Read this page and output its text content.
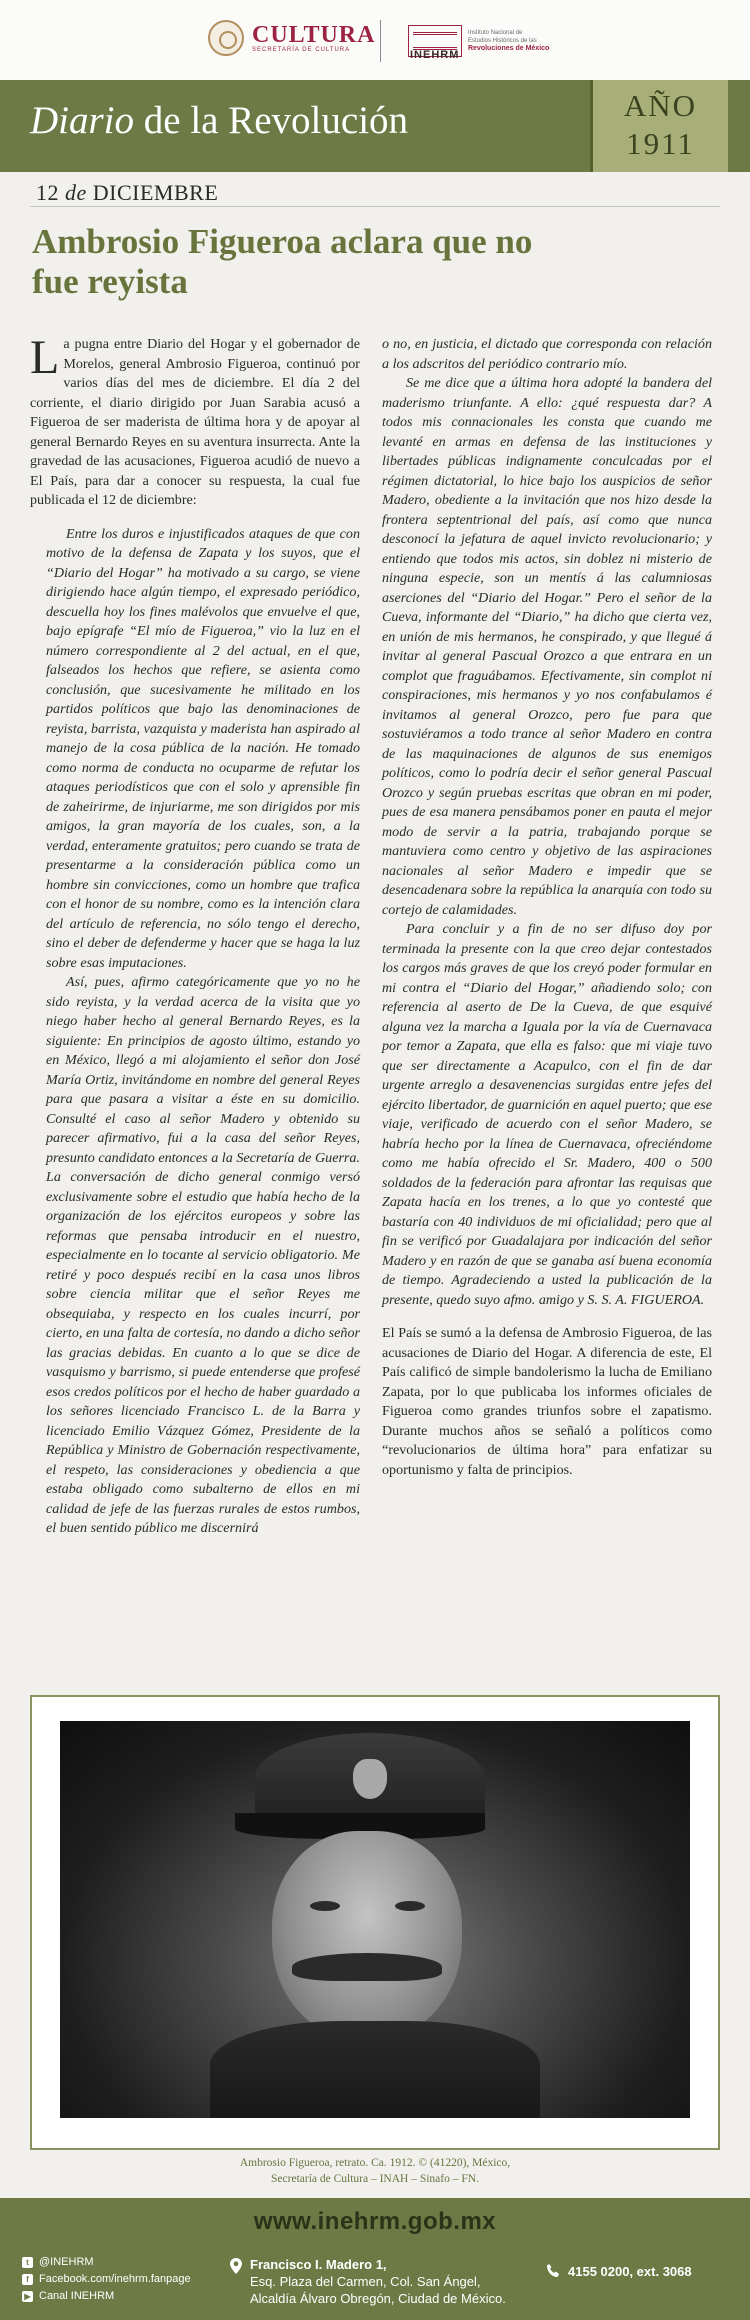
CULTURA
SECRETARÍA DE CULTURA
Instituto Nacional de
Estudios Históricos de las
Revoluciones de México
INEHRM
Diario de la Revolución	AÑO
1911
12 de DICIEMBRE
Ambrosio Figueroa aclara que no fue reyista

La pugna entre Diario del Hogar y el gobernador de Morelos, general Ambrosio Figueroa, continuó por varios días del mes de diciembre. El día 2 del corriente, el diario dirigido por Juan Sarabia acusó a Figueroa de ser maderista de última hora y de apoyar al general Bernardo Reyes en su aventura insurrecta. Ante la gravedad de las acusaciones, Figueroa acudió de nuevo a El País, para dar a conocer su respuesta, la cual fue publicada el 12 de diciembre:

Entre los duros e injustificados ataques de que con motivo de la defensa de Zapata y los suyos, que el “Diario del Hogar” ha motivado a su cargo, se viene dirigiendo hace algún tiempo, el expresado periódico, descuella hoy los fines malévolos que envuelve el que, bajo epígrafe “El mío de Figueroa,” vio la luz en el número correspondiente al 2 del actual, en el que, falseados los hechos que refiere, se asienta como conclusión, que sucesivamente he militado en los partidos políticos que bajo las denominaciones de reyista, barrista, vazquista y maderista han aspirado al manejo de la cosa pública de la nación. He tomado como norma de conducta no ocuparme de refutar los ataques periodísticos que con el solo y aprensible fin de zaheirirme, de injuriarme, me son dirigidos por mis amigos, la gran mayoría de los cuales, son, a la verdad, enteramente gratuitos; pero cuando se trata de presentarme a la consideración pública como un hombre sin convicciones, como un hombre que trafica con el honor de su nombre, como es la intención clara del artículo de referencia, no sólo tengo el derecho, sino el deber de defenderme y hacer que se haga la luz sobre esas imputaciones.

Así, pues, afirmo categóricamente que yo no he sido reyista, y la verdad acerca de la visita que yo niego haber hecho al general Bernardo Reyes, es la siguiente: En principios de agosto último, estando yo en México, llegó a mi alojamiento el señor don José María Ortiz, invitándome en nombre del general Reyes para que pasara a visitar a éste en su domicilio. Consulté el caso al señor Madero y obtenido su parecer afirmativo, fui a la casa del señor Reyes, presunto candidato entonces a la Secretaría de Guerra. La conversación de dicho general conmigo versó exclusivamente sobre el estudio que había hecho de la organización de los ejércitos europeos y sobre las reformas que pensaba introducir en el nuestro, especialmente en lo tocante al servicio obligatorio. Me retiré y poco después recibí en la casa unos libros sobre ciencia militar que el señor Reyes me obsequiaba, y respecto en los cuales incurrí, por cierto, en una falta de cortesía, no dando a dicho señor las gracias debidas. En cuanto a lo que se dice de vasquismo y barrismo, si puede entenderse que profesé esos credos políticos por el hecho de haber guardado a los señores licenciado Francisco L. de la Barra y licenciado Emilio Vázquez Gómez, Presidente de la República y Ministro de Gobernación respectivamente, el respeto, las consideraciones y obediencia a que estaba obligado como subalterno de ellos en mi calidad de jefe de las fuerzas rurales de estos rumbos, el buen sentido público me discernirá

o no, en justicia, el dictado que corresponda con relación a los adscritos del periódico contrario mío.

Se me dice que a última hora adopté la bandera del maderismo triunfante. A ello: ¿qué respuesta dar? A todos mis connacionales les consta que cuando me levanté en armas en defensa de las instituciones y libertades públicas indignamente conculcadas por el régimen dictatorial, lo hice bajo los auspicios de señor Madero, obediente a la invitación que nos hizo desde la frontera septentrional del país, así como que nunca desconocí la jefatura de aquel invicto revolucionario; y entiendo que todos mis actos, sin doblez ni misterio de ninguna especie, son un mentís á las calumniosas aserciones del “Diario del Hogar.” Pero el señor de la Cueva, informante del “Diario,” ha dicho que cierta vez, en unión de mis hermanos, he conspirado, y que llegué á invitar al general Pascual Orozco a que entrara en un complot que fraguábamos. Efectivamente, sin complot ni conspiraciones, mis hermanos y yo nos confabulamos é invitamos al general Orozco, pero fue para que sostuviéramos a todo trance al señor Madero en contra de las maquinaciones de algunos de sus enemigos políticos, como lo podría decir el señor general Pascual Orozco y según pruebas escritas que obran en mi poder, pues de esa manera pensábamos poner en pauta el mejor modo de servir a la patria, trabajando porque se mantuviera como centro y objetivo de las aspiraciones nacionales al señor Madero e impedir que se desencadenara sobre la república la anarquía con todo su cortejo de calamidades.

Para concluir y a fin de no ser difuso doy por terminada la presente con la que creo dejar contestados los cargos más graves de que los creyó poder formular en mi contra el “Diario del Hogar,” añadiendo solo; con referencia al aserto de De la Cueva, de que esquivé alguna vez la marcha a Iguala por la vía de Cuernavaca por temor a Zapata, que ella es falso: que mi viaje tuvo que ser directamente a Acapulco, con el fin de dar urgente arreglo a desavenencias surgidas entre jefes del ejército libertador, de guarnición en aquel puerto; que ese viaje, verificado de acuerdo con el señor Madero, se habría hecho por la línea de Cuernavaca, ofreciéndome como me había ofrecido el Sr. Madero, 400 o 500 soldados de la federación para afrontar las requisas que Zapata hacía en los trenes, a lo que yo contesté que bastaría con 40 individuos de mi oficialidad; pero que al fin se verificó por Guadalajara por indicación del señor Madero y en razón de que se ganaba así buena economía de tiempo. Agradeciendo a usted la publicación de la presente, quedo suyo afmo. amigo y S. S. A. FIGUEROA.

El País se sumó a la defensa de Ambrosio Figueroa, de las acusaciones de Diario del Hogar. A diferencia de este, El País calificó de simple bandolerismo la lucha de Emiliano Zapata, por lo que publicaba los informes oficiales de Figueroa como grandes triunfos sobre el zapatismo. Durante muchos años se señaló a políticos como “revolucionarios de última hora” para enfatizar su oportunismo y falta de principios.

Ambrosio Figueroa, retrato. Ca. 1912. © (41220), México,
Secretaría de Cultura – INAH – Sinafo – FN.
www.inehrm.gob.mx
t @INEHRM
f Facebook.com/inehrm.fanpage
▶ Canal INEHRM
Francisco I. Madero 1,
Esq. Plaza del Carmen, Col. San Ángel,
Alcaldía Álvaro Obregón, Ciudad de México.
4155 0200, ext. 3068
